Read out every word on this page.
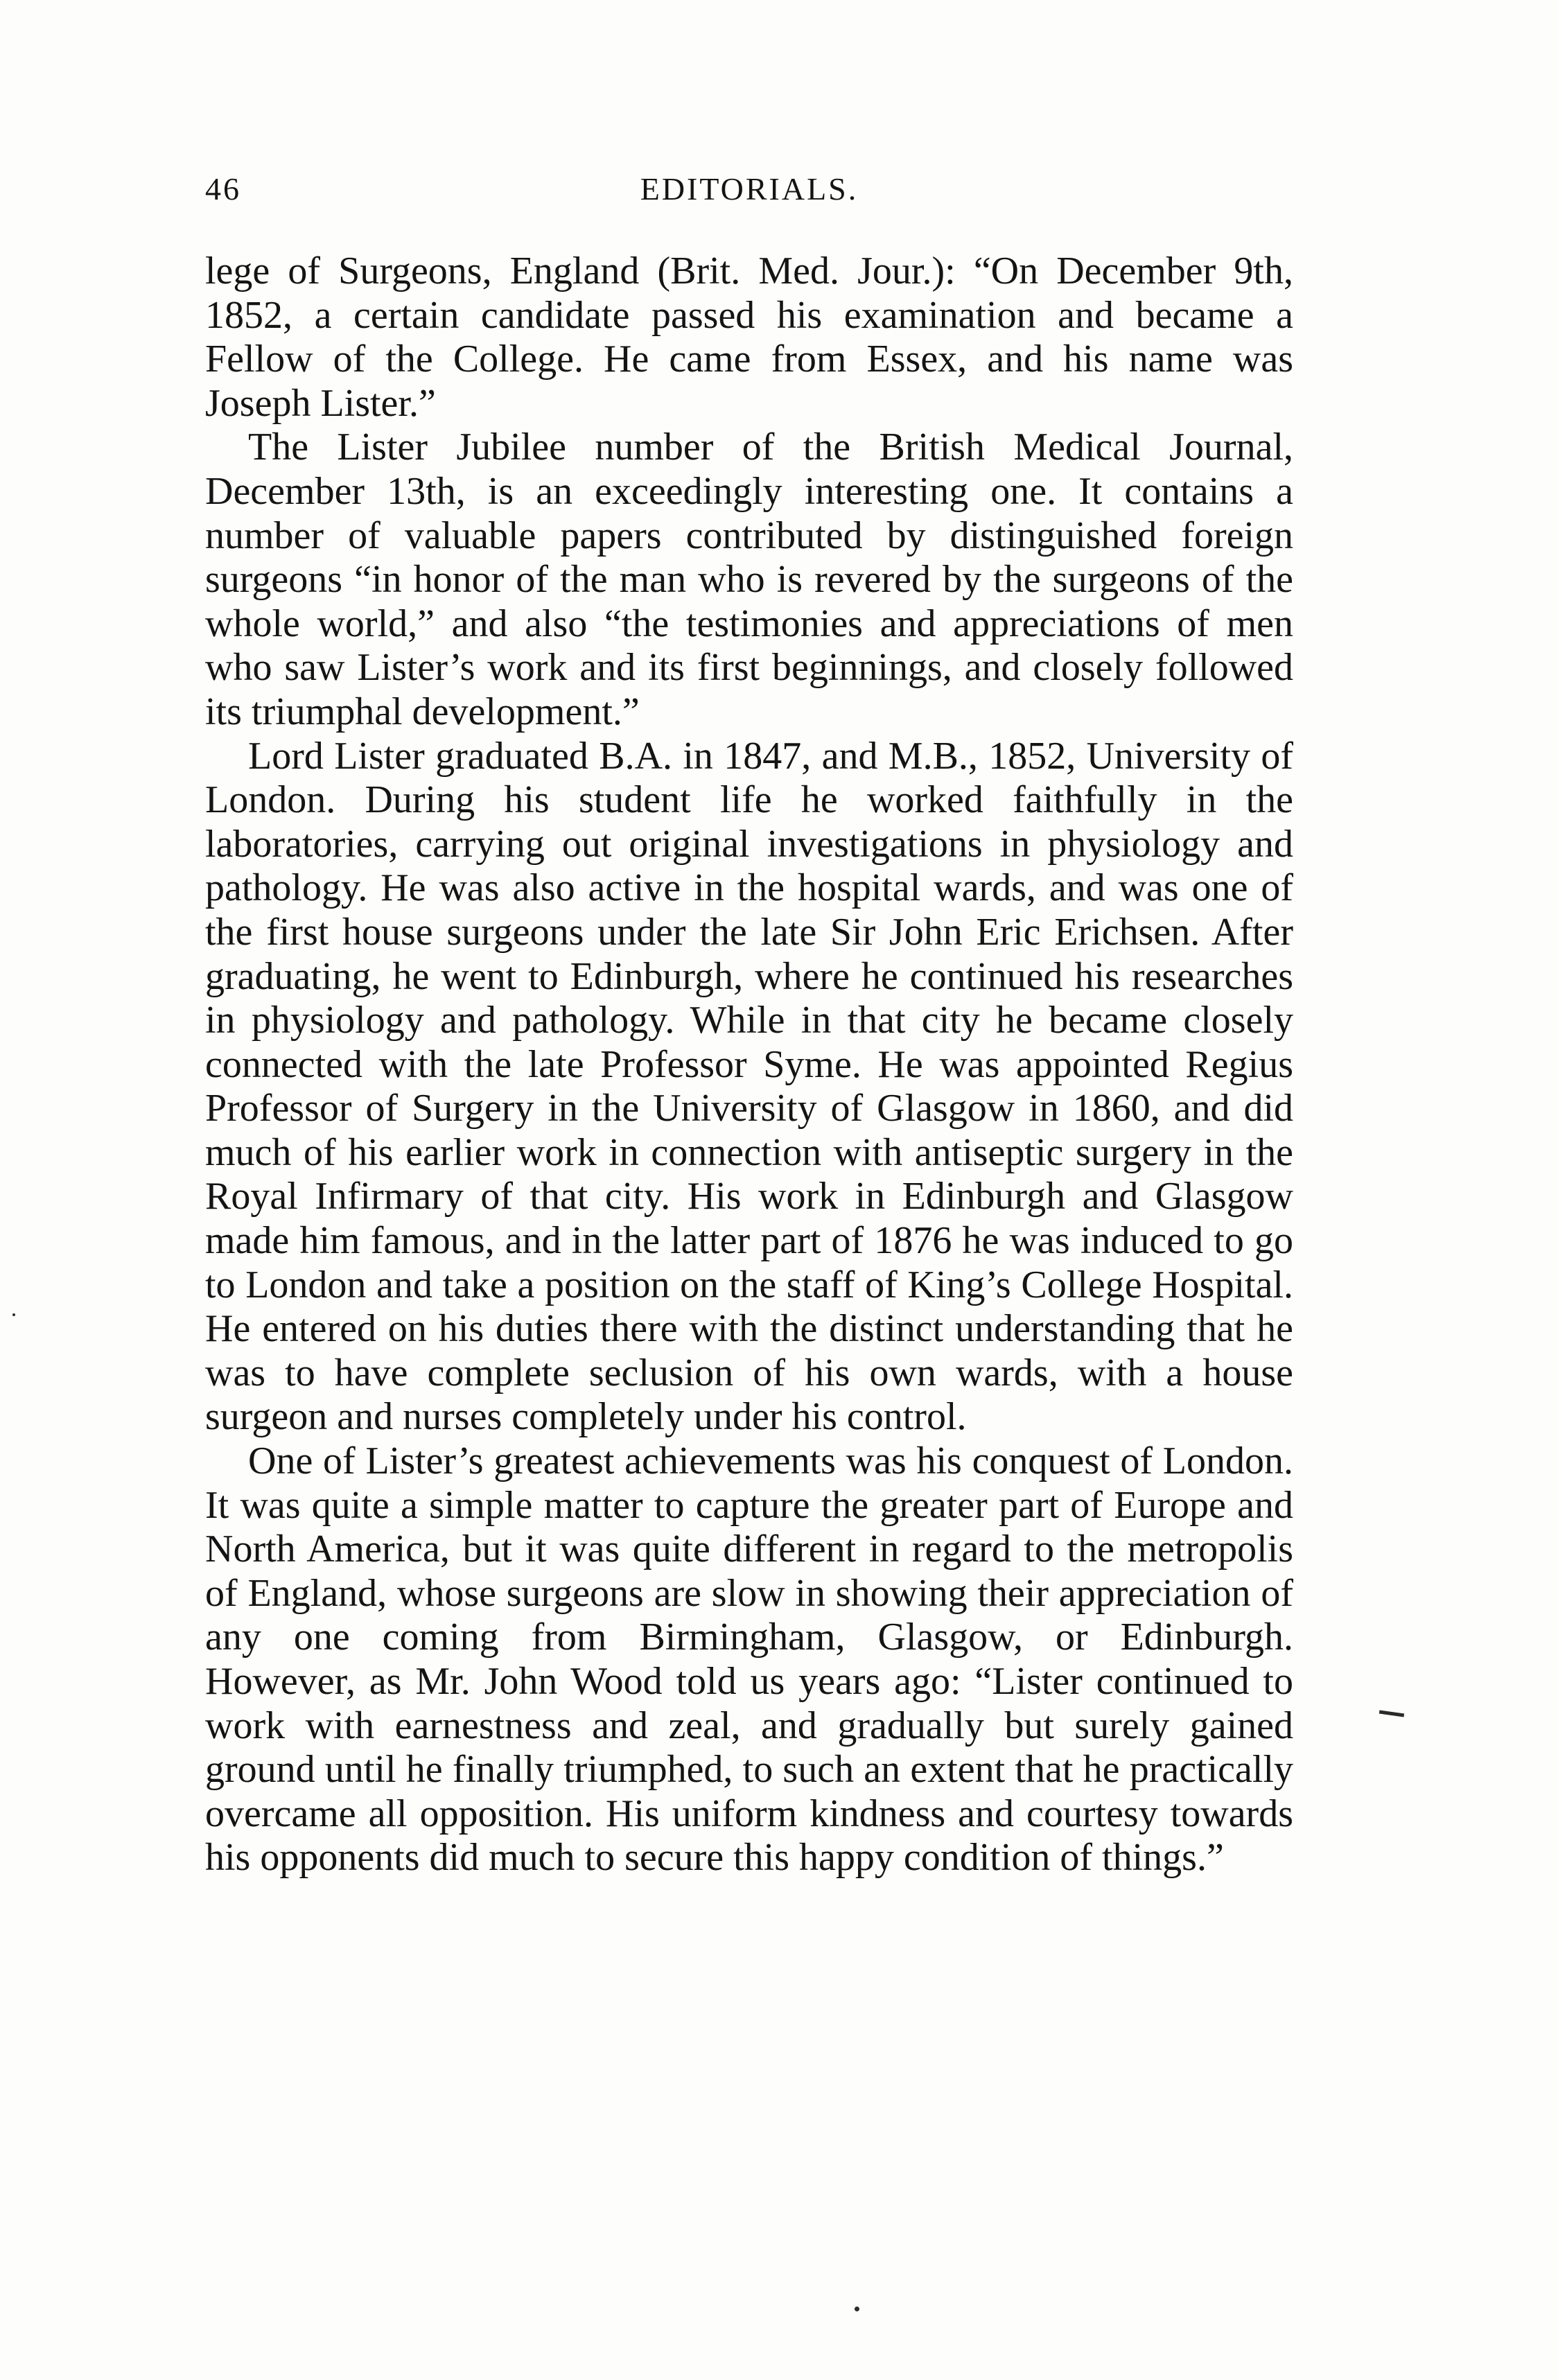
46	EDITORIALS.

lege of Surgeons, England (Brit. Med. Jour.): “On December 9th, 1852, a certain candidate passed his examination and became a Fellow of the College. He came from Essex, and his name was Joseph Lister.”

The Lister Jubilee number of the British Medical Journal, December 13th, is an exceedingly interesting one. It contains a number of valuable papers contributed by distinguished foreign surgeons “in honor of the man who is revered by the surgeons of the whole world,” and also “the testimonies and appreciations of men who saw Lister’s work and its first beginnings, and closely followed its triumphal development.”

Lord Lister graduated B.A. in 1847, and M.B., 1852, University of London. During his student life he worked faithfully in the laboratories, carrying out original investigations in physiology and pathology. He was also active in the hospital wards, and was one of the first house surgeons under the late Sir John Eric Erichsen. After graduating, he went to Edinburgh, where he continued his researches in physiology and pathology. While in that city he became closely connected with the late Professor Syme. He was appointed Regius Professor of Surgery in the University of Glasgow in 1860, and did much of his earlier work in connection with antiseptic surgery in the Royal Infirmary of that city. His work in Edinburgh and Glasgow made him famous, and in the latter part of 1876 he was induced to go to London and take a position on the staff of King’s College Hospital. He entered on his duties there with the distinct understanding that he was to have complete seclusion of his own wards, with a house surgeon and nurses completely under his control.

One of Lister’s greatest achievements was his conquest of London. It was quite a simple matter to capture the greater part of Europe and North America, but it was quite different in regard to the metropolis of England, whose surgeons are slow in showing their appreciation of any one coming from Birmingham, Glasgow, or Edinburgh. However, as Mr. John Wood told us years ago: “Lister continued to work with earnestness and zeal, and gradually but surely gained ground until he finally triumphed, to such an extent that he practically overcame all opposition. His uniform kindness and courtesy towards his opponents did much to secure this happy condition of things.”
